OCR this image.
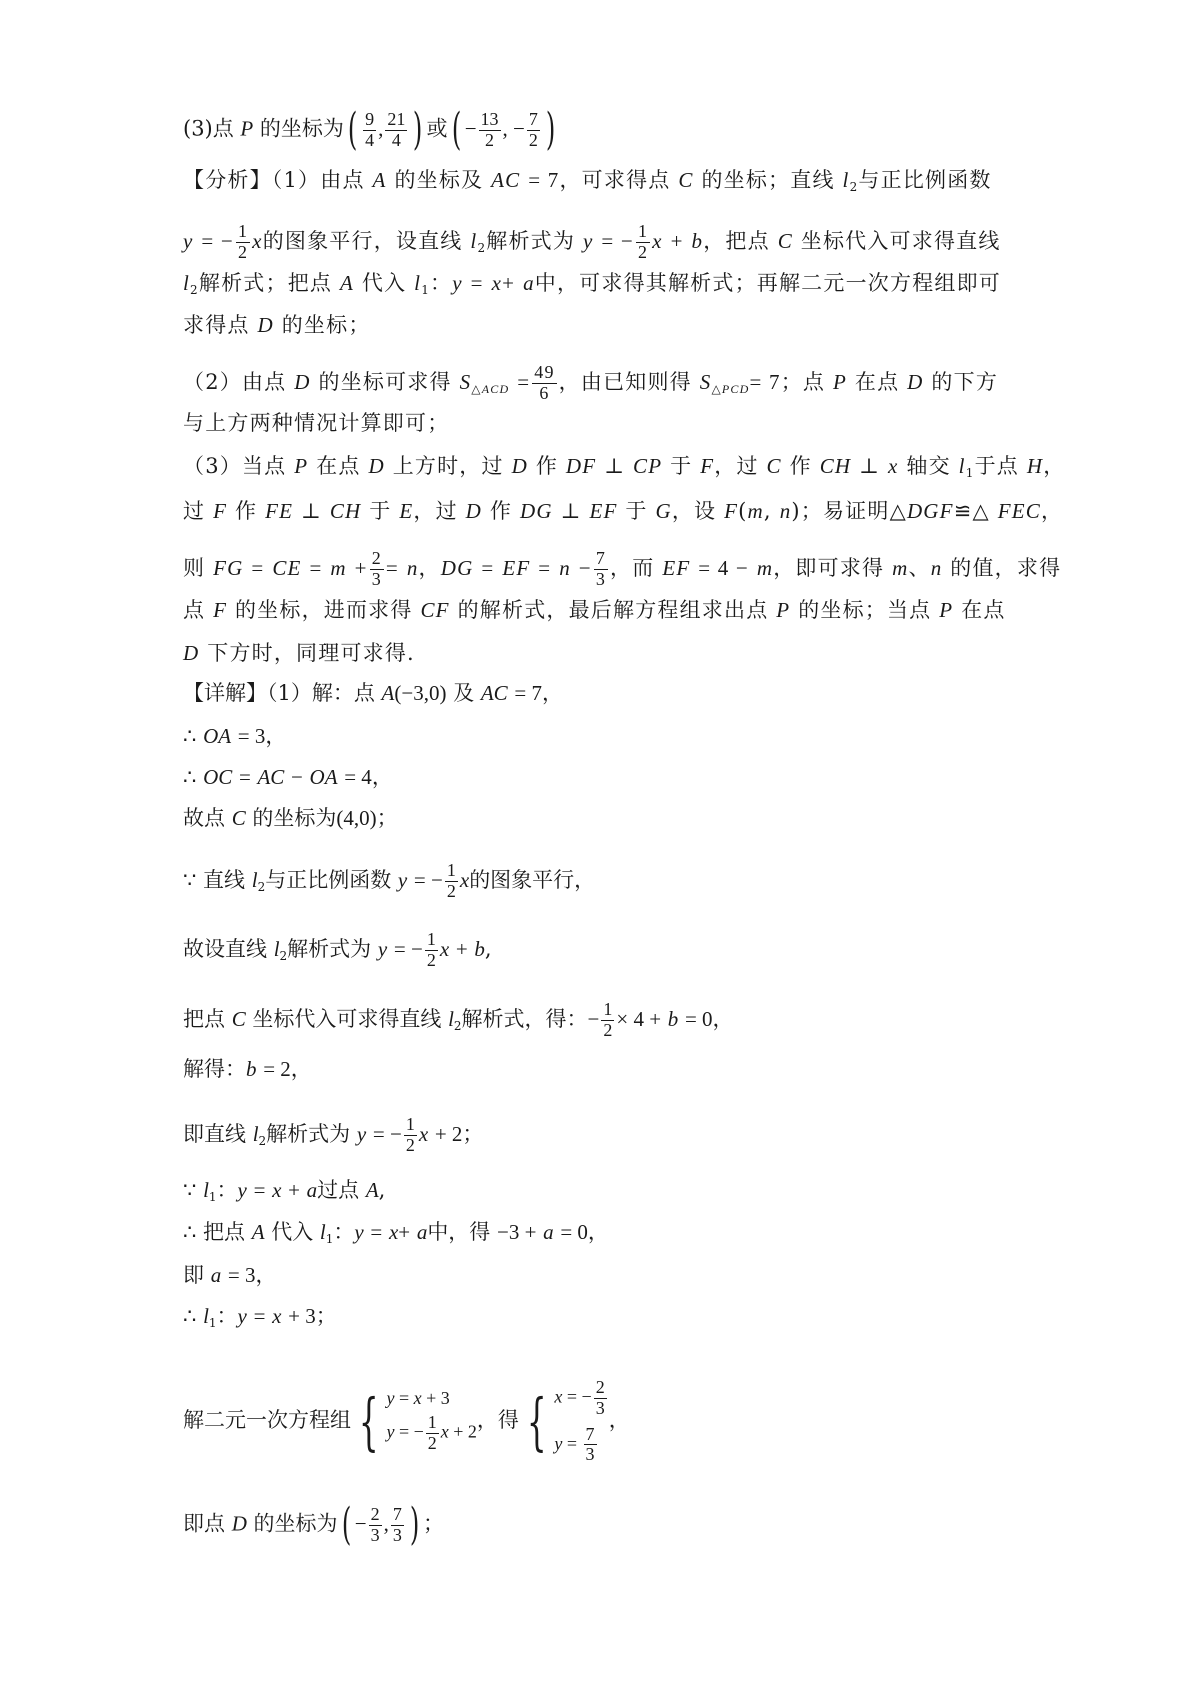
(3)点 P 的坐标为( $\frac{9}{4}$ , $\frac{21}{4}$ ) 或( − $\frac{13}{2}$ , − $\frac{7}{2}$ )
【分析】（1）由点 A 的坐标及 AC = 7，可求得点 C 的坐标；直线 $l_2$与正比例函数
y = − $\frac{1}{2}$ x的图象平行，设直线 $l_2$解析式为 y = − $\frac{1}{2}$ x + b，把点 C 坐标代入可求得直线
$l_2$解析式；把点 A 代入 $l_1$：y = x+ a中，可求得其解析式；再解二元一次方程组即可
求得点 D 的坐标；
（2）由点 D 的坐标可求得 $S_{\triangle ACD} = \frac{49}{6}$ ，由已知则得 $S_{\triangle PCD}= 7$；点 P 在点 D 的下方
与上方两种情况计算即可；
（3）当点 P 在点 D 上方时，过 D 作 DF ⊥ CP 于 F，过 C 作 CH ⊥ x 轴交 $l_1$于点 H，
过 F 作 FE ⊥ CH 于 E，过 D 作 DG ⊥ EF 于 G，设 F(m, n)；易证明△DGF≌△ FEC，
则 FG = CE = $m + \frac{2}{3} = n$，DG = EF = $n - \frac{7}{3}$ ，而 EF = 4 − m，即可求得 m、n 的值，求得
点 F 的坐标，进而求得 CF 的解析式，最后解方程组求出点 P 的坐标；当点 P 在点
D 下方时，同理可求得.
【详解】（1）解：点 A(−3,0) 及 AC = 7，
∴ OA = 3，
∴ OC = AC − OA = 4，
故点 C 的坐标为(4,0)；
∵ 直线 $l_2$与正比例函数 y = − $\frac{1}{2}$ x的图象平行，
故设直线 $l_2$解析式为 y = − $\frac{1}{2}$ x + b,
把点 C 坐标代入可求得直线 $l_2$解析式，得：− $\frac{1}{2} \times 4 + b = 0$，
解得：b = 2，
即直线 $l_2$解析式为 y = − $\frac{1}{2}$ x + 2；
∵ $l_1$：y = x + a过点 A,
∴ 把点 A 代入 $l_1$：y = x+ a中，得 −3 + a = 0，
即 a = 3，
∴ $l_1$：y = x + 3；
解二元一次方程组 { y = x + 3
y = − $\frac{1}{2}$ x + 2 ，得 { x = − $\frac{2}{3}$
$y = \frac{7}{3}$
，
即点 D 的坐标为( − $\frac{2}{3}$ , $\frac{7}{3}$ ) ；
